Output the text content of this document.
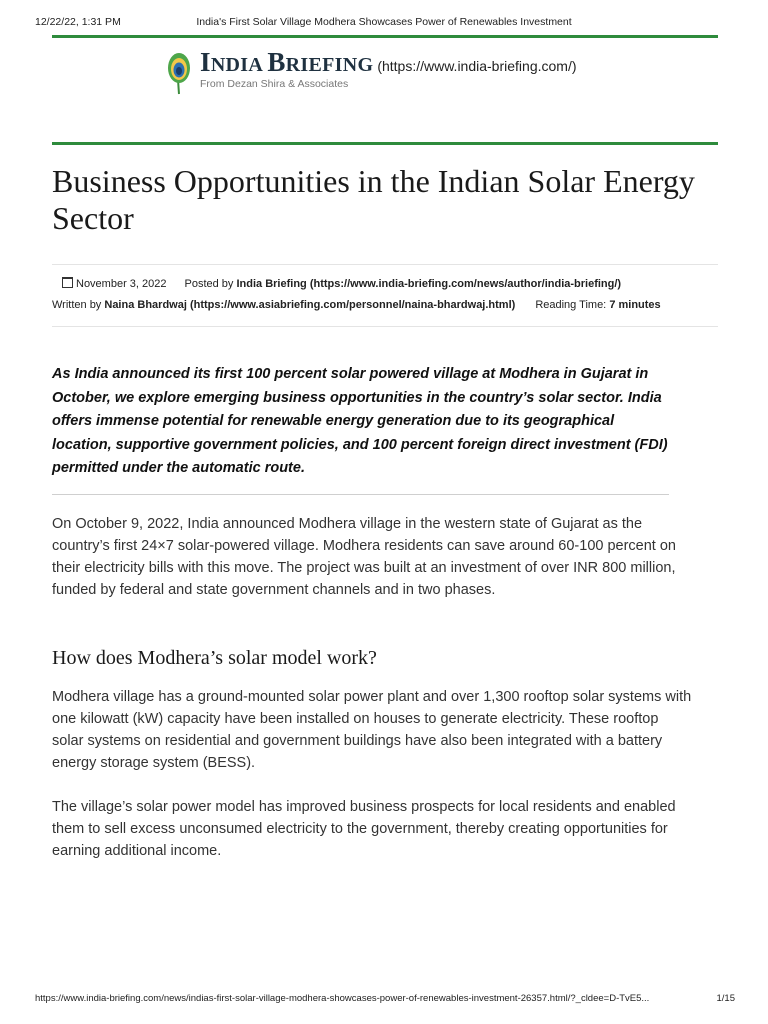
12/22/22, 1:31 PM	India's First Solar Village Modhera Showcases Power of Renewables Investment
INDIA BRIEFING (https://www.india-briefing.com/)
From Dezan Shira & Associates
Business Opportunities in the Indian Solar Energy Sector
November 3, 2022 Posted by India Briefing (https://www.india-briefing.com/news/author/india-briefing/)
Written by Naina Bhardwaj (https://www.asiabriefing.com/personnel/naina-bhardwaj.html) Reading Time: 7 minutes

As India announced its first 100 percent solar powered village at Modhera in Gujarat in October, we explore emerging business opportunities in the country’s solar sector. India offers immense potential for renewable energy generation due to its geographical location, supportive government policies, and 100 percent foreign direct investment (FDI) permitted under the automatic route.

On October 9, 2022, India announced Modhera village in the western state of Gujarat as the country’s first 24×7 solar-powered village. Modhera residents can save around 60-100 percent on their electricity bills with this move. The project was built at an investment of over INR 800 million, funded by federal and state government channels and in two phases.

How does Modhera’s solar model work?

Modhera village has a ground-mounted solar power plant and over 1,300 rooftop solar systems with one kilowatt (kW) capacity have been installed on houses to generate electricity. These rooftop solar systems on residential and government buildings have also been integrated with a battery energy storage system (BESS).

The village’s solar power model has improved business prospects for local residents and enabled them to sell excess unconsumed electricity to the government, thereby creating opportunities for earning additional income.

https://www.india-briefing.com/news/indias-first-solar-village-modhera-showcases-power-of-renewables-investment-26357.html/?_cldee=D-TvE5...	1/15
